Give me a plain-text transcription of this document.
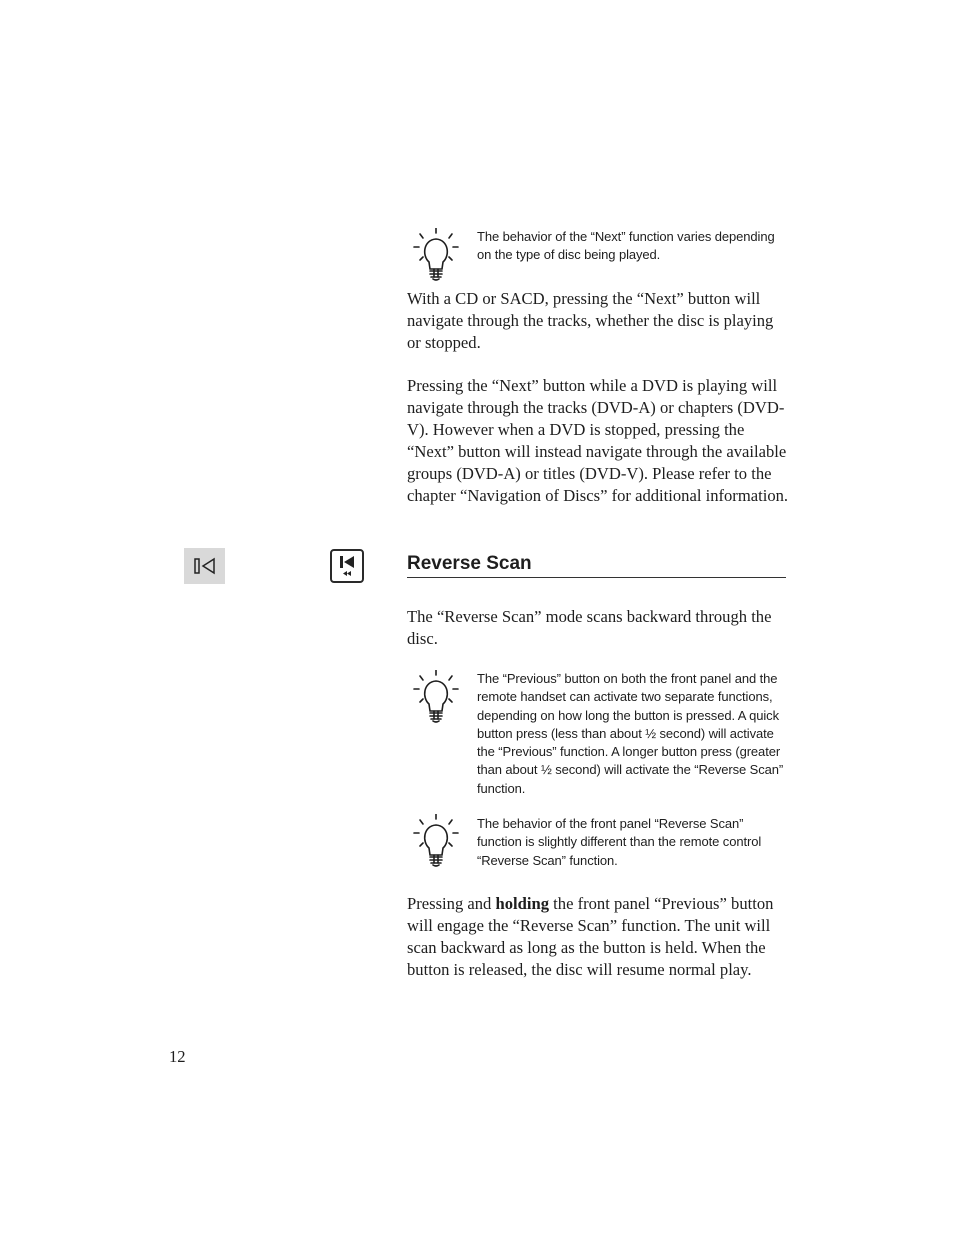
The behavior of the “Next” function varies depending on the type of disc being played.

With a CD or SACD, pressing the “Next” button will navigate through the tracks, whether the disc is playing or stopped.

Pressing the “Next” button while a DVD is playing will navigate through the tracks (DVD-A) or chapters (DVD-V). However when a DVD is stopped, pressing the “Next” button will instead navigate through the available groups (DVD-A) or titles (DVD-V). Please refer to the chapter “Navigation of Discs” for additional information.

Reverse Scan

The “Reverse Scan” mode scans backward through the disc.

The “Previous” button on both the front panel and the remote handset can activate two separate functions, depending on how long the button is pressed. A quick button press (less than about ½ second) will activate the “Previous” function. A longer button press (greater than about ½ second) will activate the “Reverse Scan” function.

The behavior of the front panel “Reverse Scan” function is slightly different than the remote control “Reverse Scan” function.

Pressing and holding the front panel “Previous” button will engage the “Reverse Scan” function. The unit will scan backward as long as the button is held. When the button is released, the disc will resume normal play.

12
